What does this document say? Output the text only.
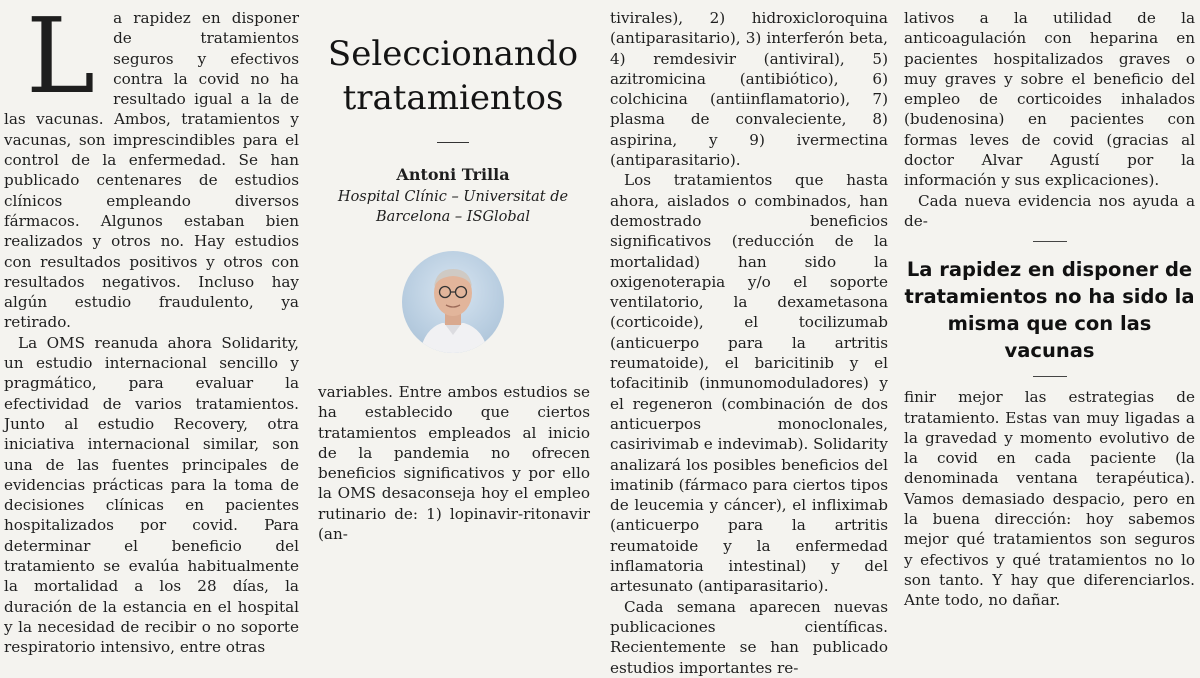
L a rapidez en disponer de tratamientos seguros y efectivos contra la covid no ha resultado igual a la de las vacunas. Ambos, tratamientos y vacunas, son imprescindibles para el control de la enfermedad. Se han publicado centenares de estudios clínicos empleando diversos fármacos. Algunos estaban bien realizados y otros no. Hay estudios con resultados positivos y otros con resultados negativos. Incluso hay algún estudio fraudulento, ya retirado.

La OMS reanuda ahora Solidarity, un estudio internacional sencillo y pragmático, para evaluar la efectividad de varios tratamientos. Junto al estudio Recovery, otra iniciativa internacional similar, son una de las fuentes principales de evidencias prácticas para la toma de decisiones clínicas en pacientes hospitalizados por covid. Para determinar el beneficio del tratamiento se evalúa habitualmente la mortalidad a los 28 días, la duración de la estancia en el hospital y la necesidad de recibir o no soporte respiratorio intensivo, entre otras

Seleccionando tratamientos
Antoni Trilla
Hospital Clínic – Universitat de Barcelona – ISGlobal

variables. Entre ambos estudios se ha establecido que ciertos tratamientos empleados al inicio de la pandemia no ofrecen beneficios significativos y por ello la OMS desaconseja hoy el empleo rutinario de: 1) lopinavir-ritonavir (an-

tivirales), 2) hidroxicloroquina (antiparasitario), 3) interferón beta, 4) remdesivir (antiviral), 5) azitromicina (antibiótico), 6) colchicina (antiinflamatorio), 7) plasma de convaleciente, 8) aspirina, y 9) ivermectina (antiparasitario).

Los tratamientos que hasta ahora, aislados o combinados, han demostrado beneficios significativos (reducción de la mortalidad) han sido la oxigenoterapia y/o el soporte ventilatorio, la dexametasona (corticoide), el tocilizumab (anticuerpo para la artritis reumatoide), el baricitinib y el tofacitinib (inmunomoduladores) y el regeneron (combinación de dos anticuerpos monoclonales, casirivimab e indevimab). Solidarity analizará los posibles beneficios del imatinib (fármaco para ciertos tipos de leucemia y cáncer), el infliximab (anticuerpo para la artritis reumatoide y la enfermedad inflamatoria intestinal) y del artesunato (antiparasitario).

Cada semana aparecen nuevas publicaciones científicas. Recientemente se han publicado estudios importantes re-

lativos a la utilidad de la anticoagulación con heparina en pacientes hospitalizados graves o muy graves y sobre el beneficio del empleo de corticoides inhalados (budenosina) en pacientes con formas leves de covid (gracias al doctor Alvar Agustí por la información y sus explicaciones).

Cada nueva evidencia nos ayuda a de-

La rapidez en disponer de tratamientos no ha sido la misma que con las vacunas

finir mejor las estrategias de tratamiento. Estas van muy ligadas a la gravedad y momento evolutivo de la covid en cada paciente (la denominada ventana terapéutica). Vamos demasiado despacio, pero en la buena dirección: hoy sabemos mejor qué tratamientos son seguros y efectivos y qué tratamientos no lo son tanto. Y hay que diferenciarlos. Ante todo, no dañar.
